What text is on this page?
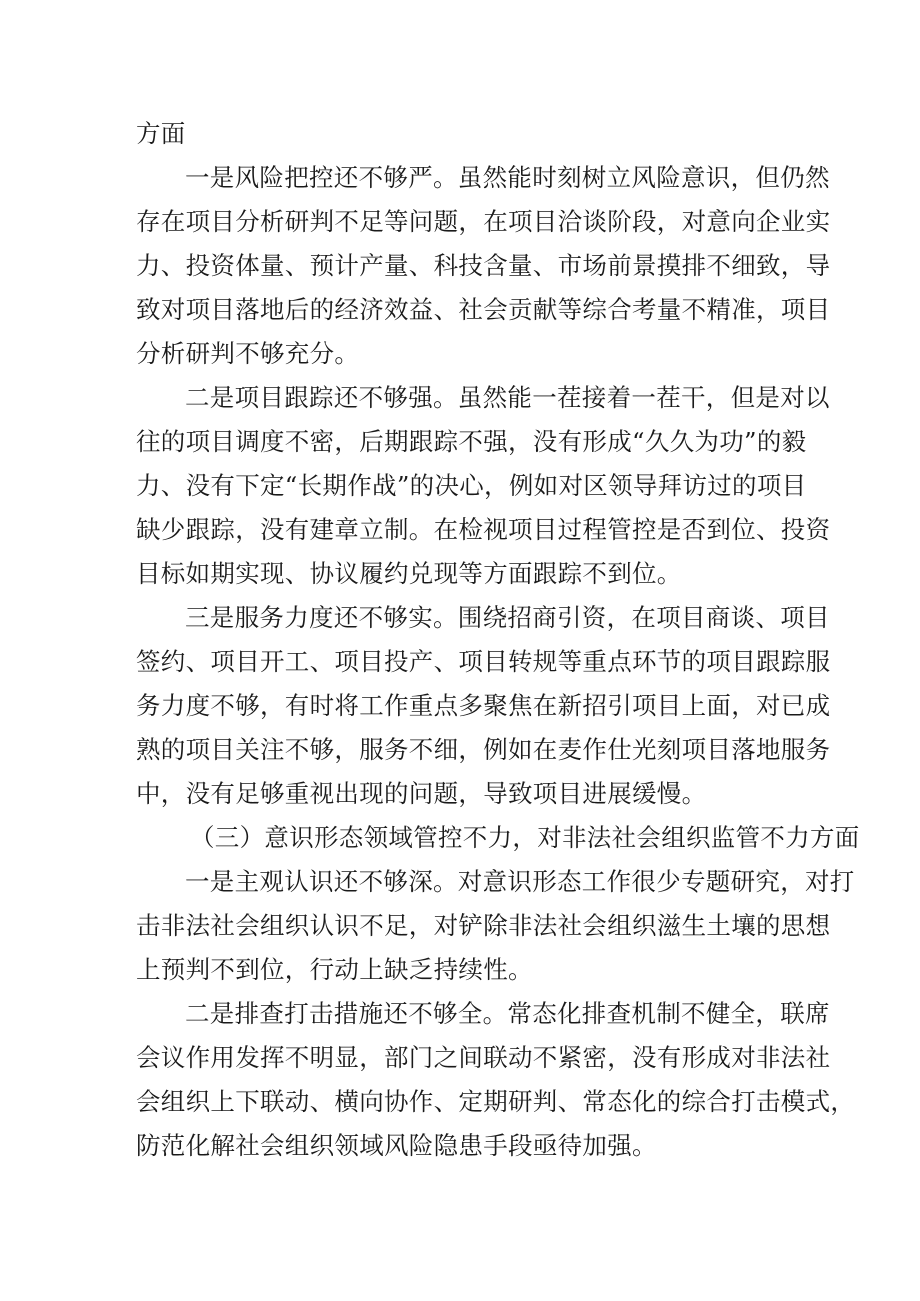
方面
一是风险把控还不够严。虽然能时刻树立风险意识，但仍然
存在项目分析研判不足等问题，在项目洽谈阶段，对意向企业实
力、投资体量、预计产量、科技含量、市场前景摸排不细致，导
致对项目落地后的经济效益、社会贡献等综合考量不精准，项目
分析研判不够充分。
二是项目跟踪还不够强。虽然能一茬接着一茬干，但是对以
往的项目调度不密，后期跟踪不强，没有形成“久久为功”的毅
力、没有下定“长期作战”的决心，例如对区领导拜访过的项目
缺少跟踪，没有建章立制。在检视项目过程管控是否到位、投资
目标如期实现、协议履约兑现等方面跟踪不到位。
三是服务力度还不够实。围绕招商引资，在项目商谈、项目
签约、项目开工、项目投产、项目转规等重点环节的项目跟踪服
务力度不够，有时将工作重点多聚焦在新招引项目上面，对已成
熟的项目关注不够，服务不细，例如在麦作仕光刻项目落地服务
中，没有足够重视出现的问题，导致项目进展缓慢。
（三）意识形态领域管控不力，对非法社会组织监管不力方面
一是主观认识还不够深。对意识形态工作很少专题研究，对打
击非法社会组织认识不足，对铲除非法社会组织滋生土壤的思想
上预判不到位，行动上缺乏持续性。
二是排查打击措施还不够全。常态化排查机制不健全，联席
会议作用发挥不明显，部门之间联动不紧密，没有形成对非法社
会组织上下联动、横向协作、定期研判、常态化的综合打击模式，
防范化解社会组织领域风险隐患手段亟待加强。
